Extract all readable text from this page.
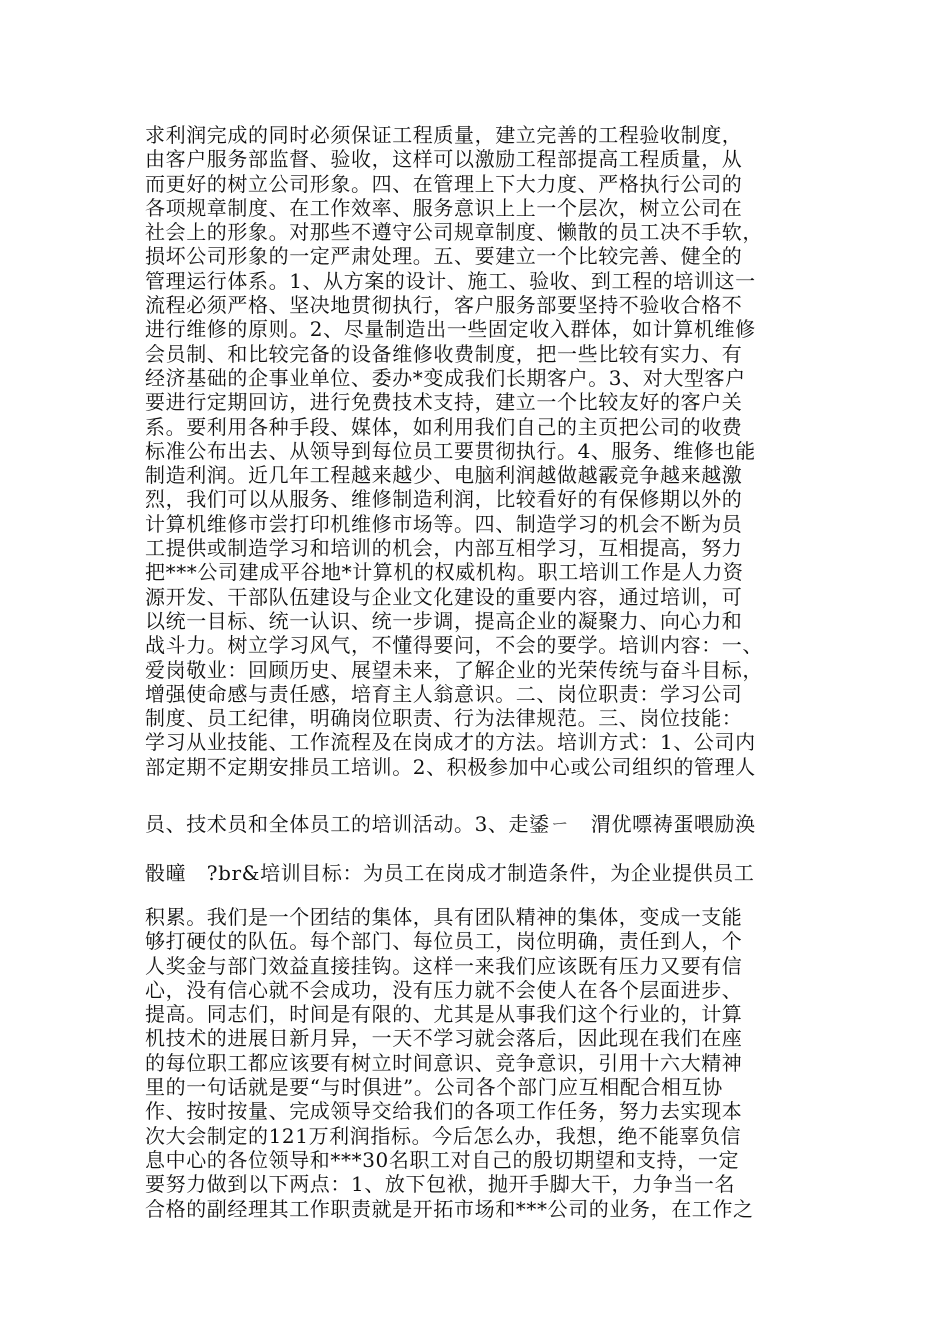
求利润完成的同时必须保证工程质量，建立完善的工程验收制度，
由客户服务部监督、验收，这样可以激励工程部提高工程质量，从
而更好的树立公司形象。四、在管理上下大力度、严格执行公司的
各项规章制度、在工作效率、服务意识上上一个层次，树立公司在
社会上的形象。对那些不遵守公司规章制度、懒散的员工决不手软，
损坏公司形象的一定严肃处理。五、要建立一个比较完善、健全的
管理运行体系。1、从方案的设计、施工、验收、到工程的培训这一
流程必须严格、坚决地贯彻执行，客户服务部要坚持不验收合格不
进行维修的原则。2、尽量制造出一些固定收入群体，如计算机维修
会员制、和比较完备的设备维修收费制度，把一些比较有实力、有
经济基础的企事业单位、委办*变成我们长期客户。3、对大型客户
要进行定期回访，进行免费技术支持，建立一个比较友好的客户关
系。要利用各种手段、媒体，如利用我们自己的主页把公司的收费
标准公布出去、从领导到每位员工要贯彻执行。4、服务、维修也能
制造利润。近几年工程越来越少、电脑利润越做越霰竞争越来越激
烈，我们可以从服务、维修制造利润，比较看好的有保修期以外的
计算机维修市尝打印机维修市场等。四、制造学习的机会不断为员
工提供或制造学习和培训的机会，内部互相学习，互相提高，努力
把***公司建成平谷地*计算机的权威机构。职工培训工作是人力资
源开发、干部队伍建设与企业文化建设的重要内容，通过培训，可
以统一目标、统一认识、统一步调，提高企业的凝聚力、向心力和
战斗力。树立学习风气，不懂得要问，不会的要学。培训内容：一、
爱岗敬业：回顾历史、展望未来，了解企业的光荣传统与奋斗目标，
增强使命感与责任感，培育主人翁意识。二、岗位职责：学习公司
制度、员工纪律，明确岗位职责、行为法律规范。三、岗位技能：
学习从业技能、工作流程及在岗成才的方法。培训方式：1、公司内
部定期不定期安排员工培训。2、积极参加中心或公司组织的管理人
员、技术员和全体员工的培训活动。3、走鋈ㄧ　渭优嘌祷蛋喂励涣
骰曈　?br&培训目标：为员工在岗成才制造条件，为企业提供员工
积累。我们是一个团结的集体，具有团队精神的集体，变成一支能
够打硬仗的队伍。每个部门、每位员工，岗位明确，责任到人，个
人奖金与部门效益直接挂钩。这样一来我们应该既有压力又要有信
心，没有信心就不会成功，没有压力就不会使人在各个层面进步、
提高。同志们，时间是有限的、尤其是从事我们这个行业的，计算
机技术的进展日新月异，一天不学习就会落后，因此现在我们在座
的每位职工都应该要有树立时间意识、竞争意识，引用十六大精神
里的一句话就是要“与时俱进”。公司各个部门应互相配合相互协
作、按时按量、完成领导交给我们的各项工作任务，努力去实现本
次大会制定的121万利润指标。今后怎么办，我想，绝不能辜负信
息中心的各位领导和***30名职工对自己的殷切期望和支持，一定
要努力做到以下两点：1、放下包袱，抛开手脚大干，力争当一名
合格的副经理其工作职责就是开拓市场和***公司的业务，在工作之
